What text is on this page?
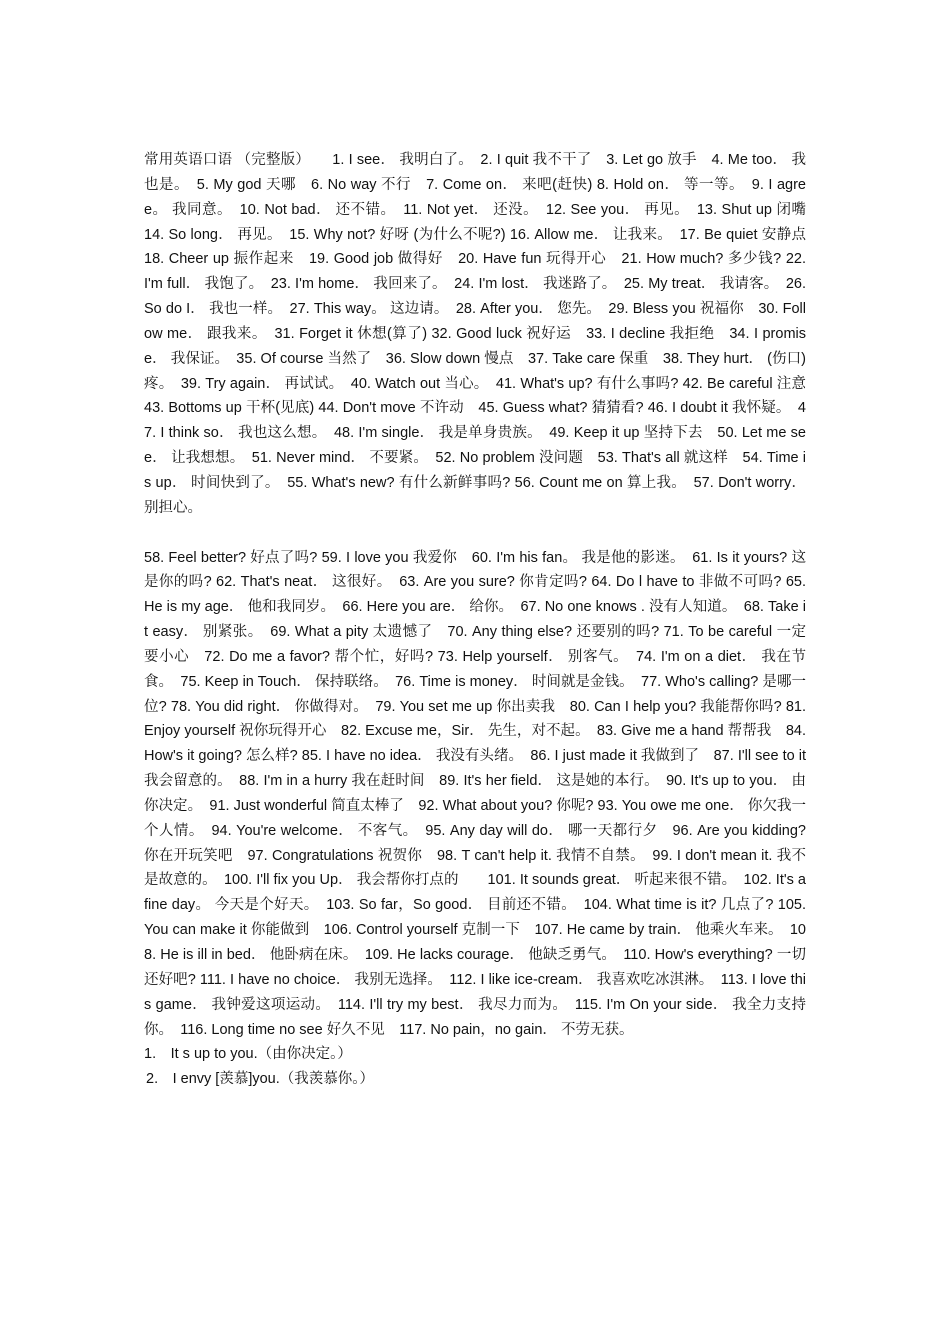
常用英语口语 （完整版）　　1. I see． 我明白了。　2. I quit 我不干了　3. Let go 放手　4. Me too． 我也是。　5. My god 天哪　6. No way 不行　7. Come on． 来吧(赶快) 8. Hold on． 等一等。　9. I agree。 我同意。　10. Not bad． 还不错。　11. Not yet． 还没。　12. See you． 再见。　13. Shut up 闭嘴　14. So long． 再见。　15. Why not? 好呀 (为什么不呢?) 16. Allow me． 让我来。　17. Be quiet 安静点　18. Cheer up 振作起来　19. Good job 做得好　20. Have fun 玩得开心　21. How much? 多少钱? 22. I'm full． 我饱了。　23. I'm home． 我回来了。　24. I'm lost． 我迷路了。　25. My treat． 我请客。　26. So do I． 我也一样。　27. This way。 这边请。　28. After you． 您先。　29. Bless you 祝福你　30. Follow me． 跟我来。　31. Forget it 休想(算了) 32. Good luck 祝好运　33. I decline 我拒绝　34. I promise． 我保证。　35. Of course 当然了　36. Slow down 慢点　37. Take care 保重　38. They hurt． (伤口)疼。　39. Try again． 再试试。　40. Watch out 当心。　41. What's up? 有什么事吗? 42. Be careful 注意　43. Bottoms up 干杯(见底) 44. Don't move 不许动　45. Guess what? 猜猜看? 46. I doubt it 我怀疑。　47. I think so． 我也这么想。　48. I'm single． 我是单身贵族。　49. Keep it up 坚持下去　50. Let me see． 让我想想。　51. Never mind． 不要紧。　52. No problem 没问题　53. That's all 就这样　54. Time is up． 时间快到了。　55. What's new? 有什么新鲜事吗? 56. Count me on 算上我。　57. Don't worry． 别担心。

58. Feel better? 好点了吗? 59. I love you 我爱你　60. I'm his fan。 我是他的影迷。　61. Is it yours? 这是你的吗? 62. That's neat． 这很好。　63. Are you sure? 你肯定吗? 64. Do l have to 非做不可吗? 65. He is my age． 他和我同岁。　66. Here you are． 给你。　67. No one knows . 没有人知道。　68. Take it easy． 别紧张。　69. What a pity 太遗憾了　70. Any thing else? 还要别的吗? 71. To be careful 一定要小心　72. Do me a favor? 帮个忙，好吗? 73. Help yourself． 别客气。　74. I'm on a diet． 我在节食。　75. Keep in Touch． 保持联络。　76. Time is money． 时间就是金钱。　77. Who's calling? 是哪一位? 78. You did right． 你做得对。　79. You set me up 你出卖我　80. Can I help you? 我能帮你吗? 81. Enjoy yourself 祝你玩得开心　82. Excuse me，Sir． 先生，对不起。　83. Give me a hand 帮帮我　84. How's it going? 怎么样? 85. I have no idea． 我没有头绪。　86. I just made it 我做到了　87. I'll see to it 我会留意的。　88. I'm in a hurry 我在赶时间　89. It's her field． 这是她的本行。　90. It's up to you． 由你决定。　91. Just wonderful 简直太棒了　92. What about you? 你呢? 93. You owe me one． 你欠我一个人情。　94. You're welcome． 不客气。　95. Any day will do． 哪一天都行夕　96. Are you kidding? 你在开玩笑吧　97. Congratulations 祝贺你　98. T can't help it. 我情不自禁。　99. I don't mean it. 我不是故意的。　100. I'll fix you Up． 我会帮你打点的　　101. It sounds great． 听起来很不错。　102. It's a fine day。 今天是个好天。　103. So far，So good． 目前还不错。　104. What time is it? 几点了? 105. You can make it 你能做到　106. Control yourself 克制一下　107. He came by train． 他乘火车来。　108. He is ill in bed． 他卧病在床。　109. He lacks courage． 他缺乏勇气。　110. How's everything? 一切还好吧? 111. I have no choice． 我别无选择。　112. I like ice-cream． 我喜欢吃冰淇淋。　113. I love this game． 我钟爱这项运动。　114. I'll try my best． 我尽力而为。　115. I'm On your side． 我全力支持你。　116. Long time no see 好久不见　117. No pain，no gain． 不劳无获。

1.　It s up to you.（由你决定。）

2.　I envy [羡慕]you.（我羡慕你。）
